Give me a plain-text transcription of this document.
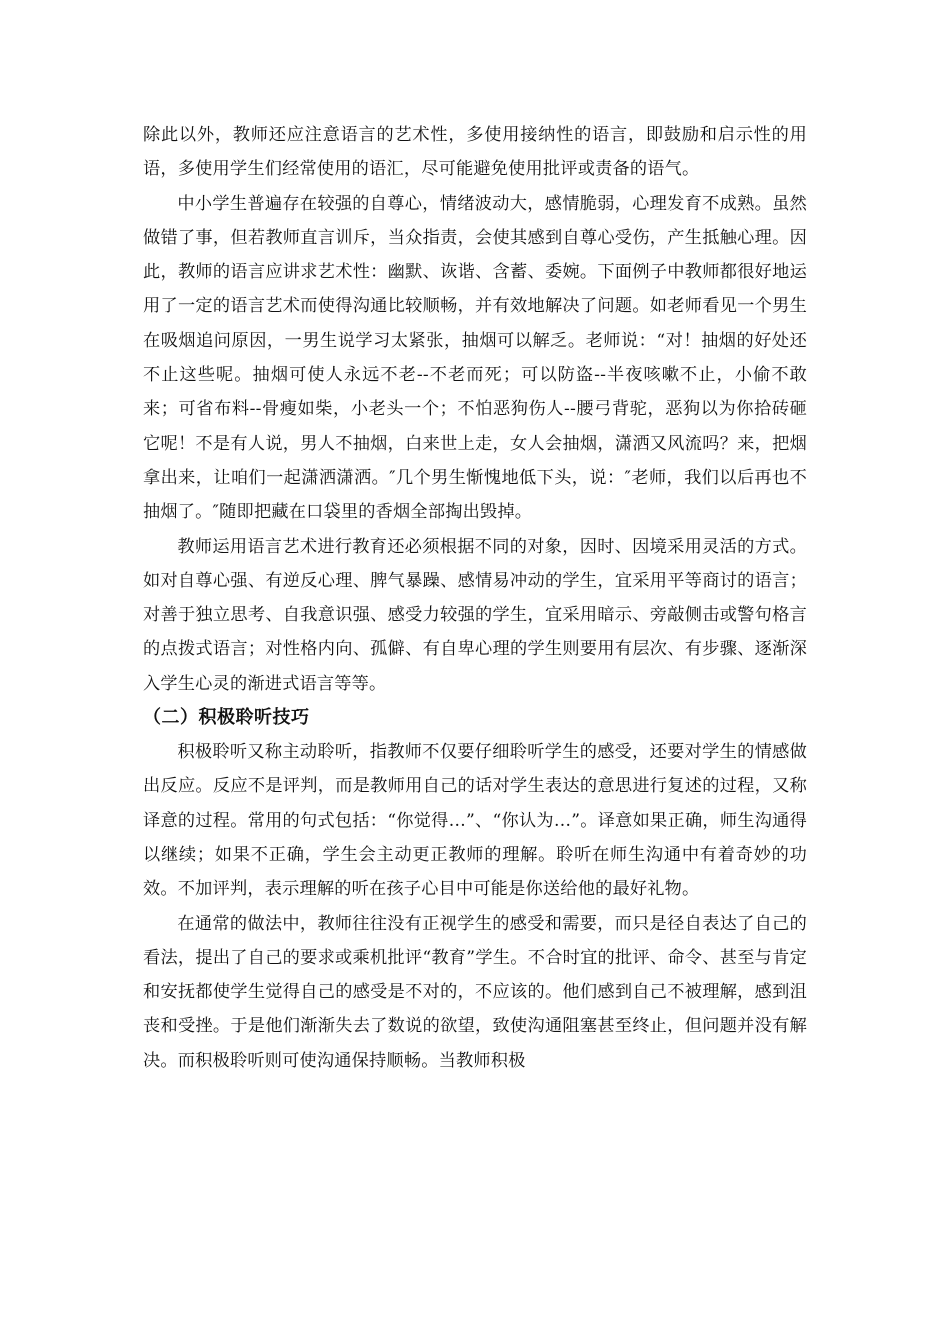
除此以外，教师还应注意语言的艺术性，多使用接纳性的语言，即鼓励和启示性的用语，多使用学生们经常使用的语汇，尽可能避免使用批评或责备的语气。

中小学生普遍存在较强的自尊心，情绪波动大，感情脆弱，心理发育不成熟。虽然做错了事，但若教师直言训斥，当众指责，会使其感到自尊心受伤，产生抵触心理。因此，教师的语言应讲求艺术性：幽默、诙谐、含蓄、委婉。下面例子中教师都很好地运用了一定的语言艺术而使得沟通比较顺畅，并有效地解决了问题。如老师看见一个男生在吸烟追问原因，一男生说学习太紧张，抽烟可以解乏。老师说：“对！抽烟的好处还不止这些呢。抽烟可使人永远不老--不老而死；可以防盗--半夜咳嗽不止，小偷不敢来；可省布料--骨瘦如柴，小老头一个；不怕恶狗伤人--腰弓背驼，恶狗以为你拾砖砸它呢！不是有人说，男人不抽烟，白来世上走，女人会抽烟，潇洒又风流吗？来，把烟拿出来，让咱们一起潇洒潇洒。″几个男生惭愧地低下头，说：″老师，我们以后再也不抽烟了。″随即把藏在口袋里的香烟全部掏出毁掉。

教师运用语言艺术进行教育还必须根据不同的对象，因时、因境采用灵活的方式。如对自尊心强、有逆反心理、脾气暴躁、感情易冲动的学生，宜采用平等商讨的语言；对善于独立思考、自我意识强、感受力较强的学生，宜采用暗示、旁敲侧击或警句格言的点拨式语言；对性格内向、孤僻、有自卑心理的学生则要用有层次、有步骤、逐渐深入学生心灵的渐进式语言等等。

（二）积极聆听技巧

积极聆听又称主动聆听，指教师不仅要仔细聆听学生的感受，还要对学生的情感做出反应。反应不是评判，而是教师用自己的话对学生表达的意思进行复述的过程，又称译意的过程。常用的句式包括：“你觉得…”、“你认为…”。译意如果正确，师生沟通得以继续；如果不正确，学生会主动更正教师的理解。聆听在师生沟通中有着奇妙的功效。不加评判，表示理解的听在孩子心目中可能是你送给他的最好礼物。

在通常的做法中，教师往往没有正视学生的感受和需要，而只是径自表达了自己的看法，提出了自己的要求或乘机批评“教育”学生。不合时宜的批评、命令、甚至与肯定和安抚都使学生觉得自己的感受是不对的，不应该的。他们感到自己不被理解，感到沮丧和受挫。于是他们渐渐失去了数说的欲望，致使沟通阻塞甚至终止，但问题并没有解决。而积极聆听则可使沟通保持顺畅。当教师积极
